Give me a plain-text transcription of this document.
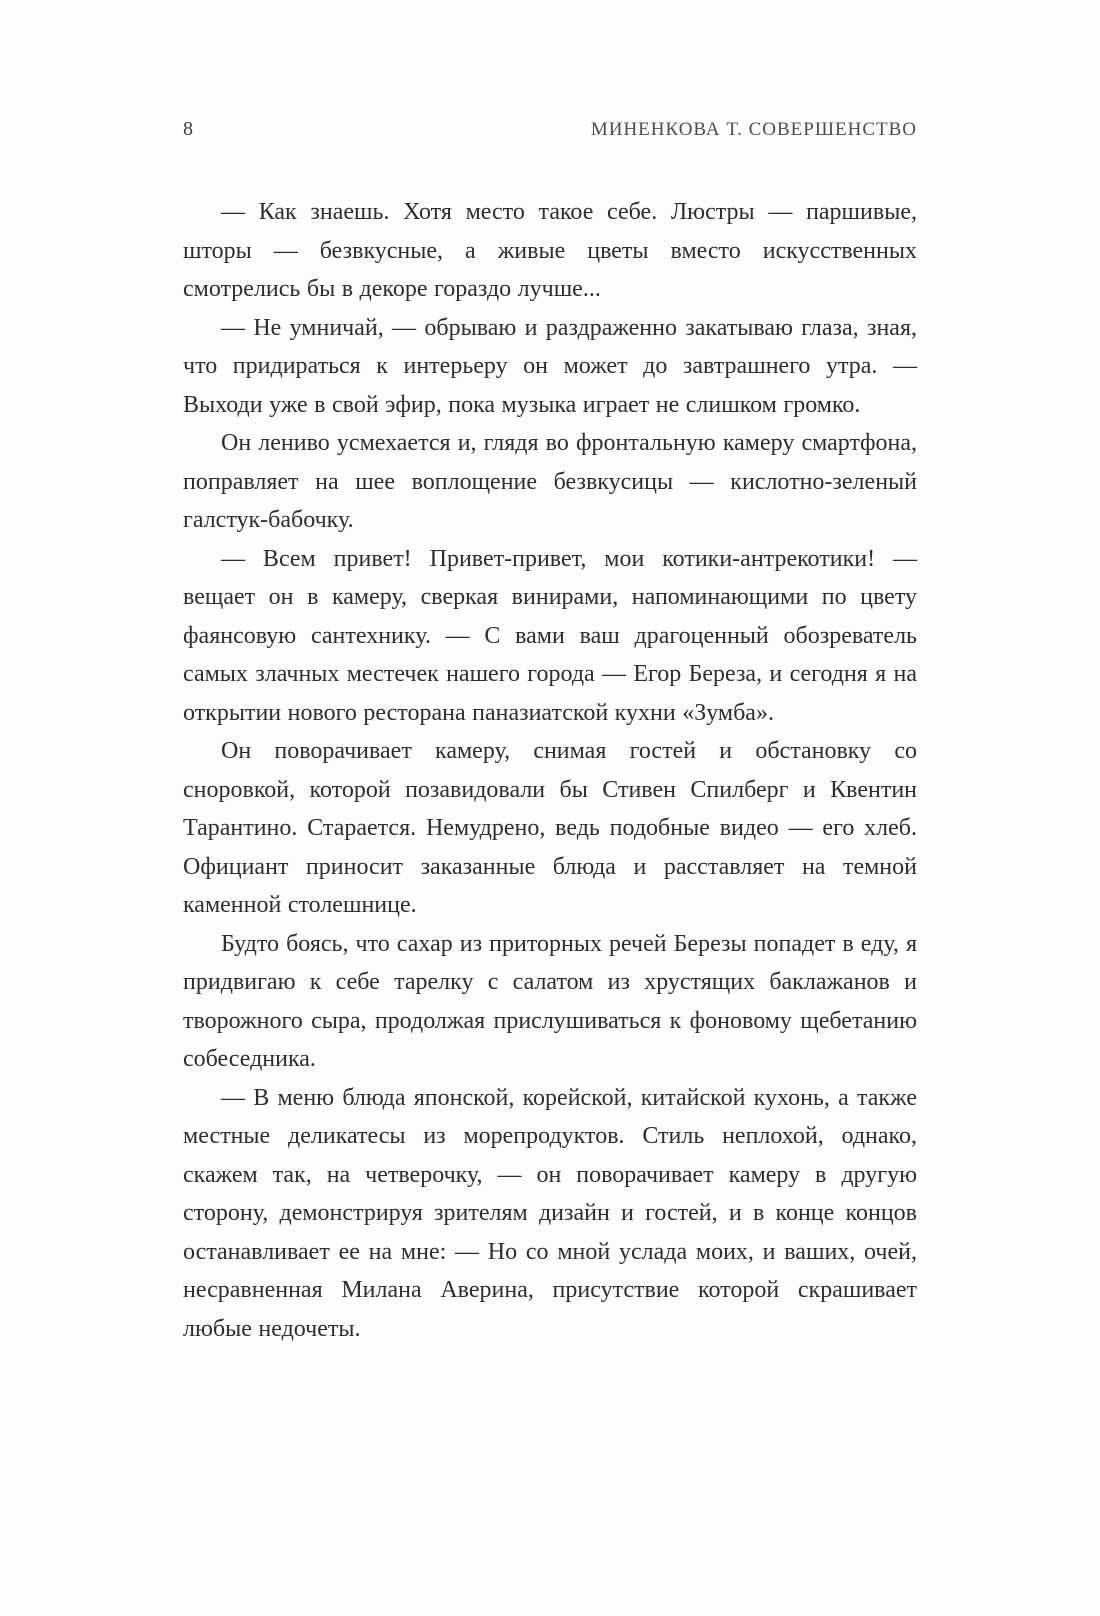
8	МИНЕНКОВА Т. СОВЕРШЕНСТВО

— Как знаешь. Хотя место такое себе. Люстры — паршивые, шторы — безвкусные, а живые цветы вместо искусственных смотрелись бы в декоре гораздо лучше...

— Не умничай, — обрываю и раздраженно закатываю глаза, зная, что придираться к интерьеру он может до завтрашнего утра. — Выходи уже в свой эфир, пока музыка играет не слишком громко.

Он лениво усмехается и, глядя во фронтальную камеру смартфона, поправляет на шее воплощение безвкусицы — кислотно-зеленый галстук-бабочку.

— Всем привет! Привет-привет, мои котики-антрекотики! — вещает он в камеру, сверкая винирами, напоминающими по цвету фаянсовую сантехнику. — С вами ваш драгоценный обозреватель самых злачных местечек нашего города — Егор Береза, и сегодня я на открытии нового ресторана паназиатской кухни «Зумба».

Он поворачивает камеру, снимая гостей и обстановку со сноровкой, которой позавидовали бы Стивен Спилберг и Квентин Тарантино. Старается. Немудрено, ведь подобные видео — его хлеб. Официант приносит заказанные блюда и расставляет на темной каменной столешнице.

Будто боясь, что сахар из приторных речей Березы попадет в еду, я придвигаю к себе тарелку с салатом из хрустящих баклажанов и творожного сыра, продолжая прислушиваться к фоновому щебетанию собеседника.

— В меню блюда японской, корейской, китайской кухонь, а также местные деликатесы из морепродуктов. Стиль неплохой, однако, скажем так, на четверочку, — он поворачивает камеру в другую сторону, демонстрируя зрителям дизайн и гостей, и в конце концов останавливает ее на мне: — Но со мной услада моих, и ваших, очей, несравненная Милана Аверина, присутствие которой скрашивает любые недочеты.
